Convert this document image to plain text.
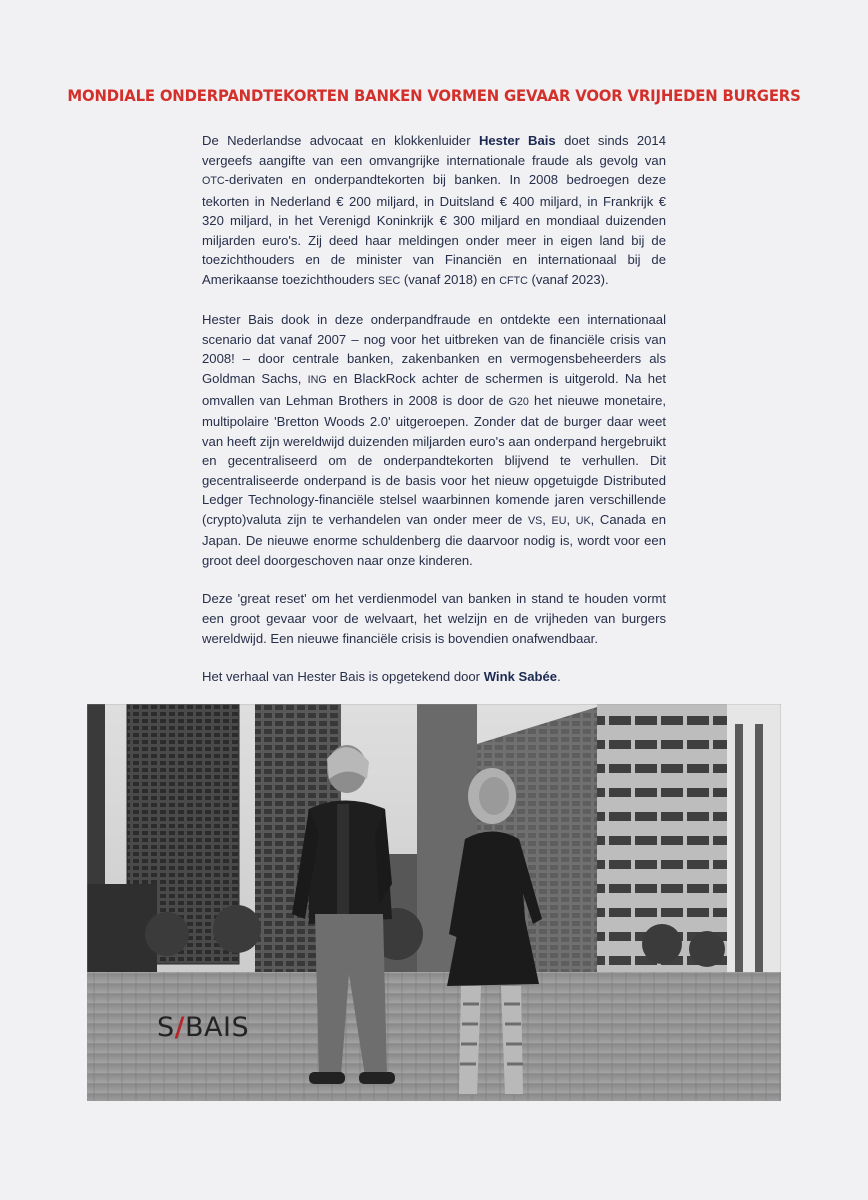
MONDIALE ONDERPANDTEKORTEN BANKEN VORMEN GEVAAR VOOR VRIJHEDEN BURGERS

De Nederlandse advocaat en klokkenluider Hester Bais doet sinds 2014 vergeefs aangifte van een omvangrijke internationale fraude als gevolg van OTC-derivaten en onderpandtekorten bij banken. In 2008 bedroegen deze tekorten in Nederland € 200 miljard, in Duitsland € 400 miljard, in Frankrijk € 320 miljard, in het Verenigd Koninkrijk € 300 miljard en mondiaal duizenden miljarden euro's. Zij deed haar meldingen onder meer in eigen land bij de toezichthouders en de minister van Financiën en internationaal bij de Amerikaanse toezichthouders SEC (vanaf 2018) en CFTC (vanaf 2023).

Hester Bais dook in deze onderpandfraude en ontdekte een internationaal scenario dat vanaf 2007 – nog voor het uitbreken van de financiële crisis van 2008! – door centrale banken, zakenbanken en vermogensbeheerders als Goldman Sachs, ING en BlackRock achter de schermen is uitgerold. Na het omvallen van Lehman Brothers in 2008 is door de G20 het nieuwe monetaire, multipolaire 'Bretton Woods 2.0' uitgeroepen. Zonder dat de burger daar weet van heeft zijn wereldwijd duizenden miljarden euro's aan onderpand hergebruikt en gecentraliseerd om de onderpandtekorten blijvend te verhullen. Dit gecentraliseerde onderpand is de basis voor het nieuw opgetuigde Distributed Ledger Technology-financiële stelsel waarbinnen komende jaren verschillende (crypto)valuta zijn te verhandelen van onder meer de VS, EU, UK, Canada en Japan. De nieuwe enorme schuldenberg die daarvoor nodig is, wordt voor een groot deel doorgeschoven naar onze kinderen.

Deze 'great reset' om het verdienmodel van banken in stand te houden vormt een groot gevaar voor de welvaart, het welzijn en de vrijheden van burgers wereldwijd. Een nieuwe financiële crisis is bovendien onafwendbaar.

Het verhaal van Hester Bais is opgetekend door Wink Sabée.

S/BAIS
